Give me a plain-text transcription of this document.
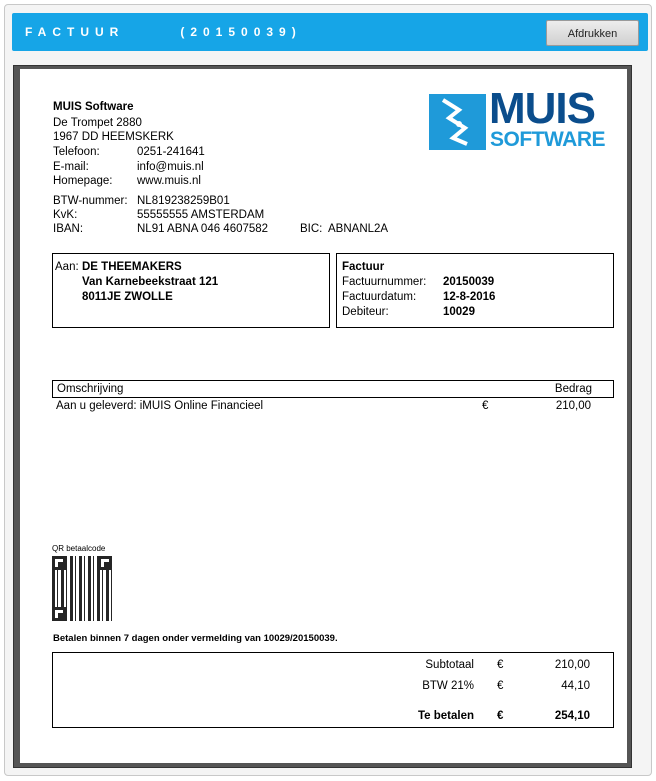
FACTUUR      (20150039)	Afdrukken
MUIS Software
De Trompet 2880
1967 DD HEEMSKERK
Telefoon:	0251-241641
E-mail:	info@muis.nl
Homepage: www.muis.nl
BTW-nummer: NL819238259B01
KvK:	55555555 AMSTERDAM
IBAN:	NL91 ABNA 046 4607582	BIC: ABNANL2A
MUIS
SOFTWARE
Aan: DE THEEMAKERS
Van Karnebeekstraat 121
8011JE ZWOLLE
Factuur
Factuurnummer: 20150039
Factuurdatum: 12-8-2016
Debiteur:	10029
Omschrijving	Bedrag
Aan u geleverd: iMUIS Online Financieel	€	210,00
QR betaalcode
Betalen binnen 7 dagen onder vermelding van 10029/20150039.
Subtotaal €	210,00
BTW 21% €	44,10
Te betalen €	254,10
